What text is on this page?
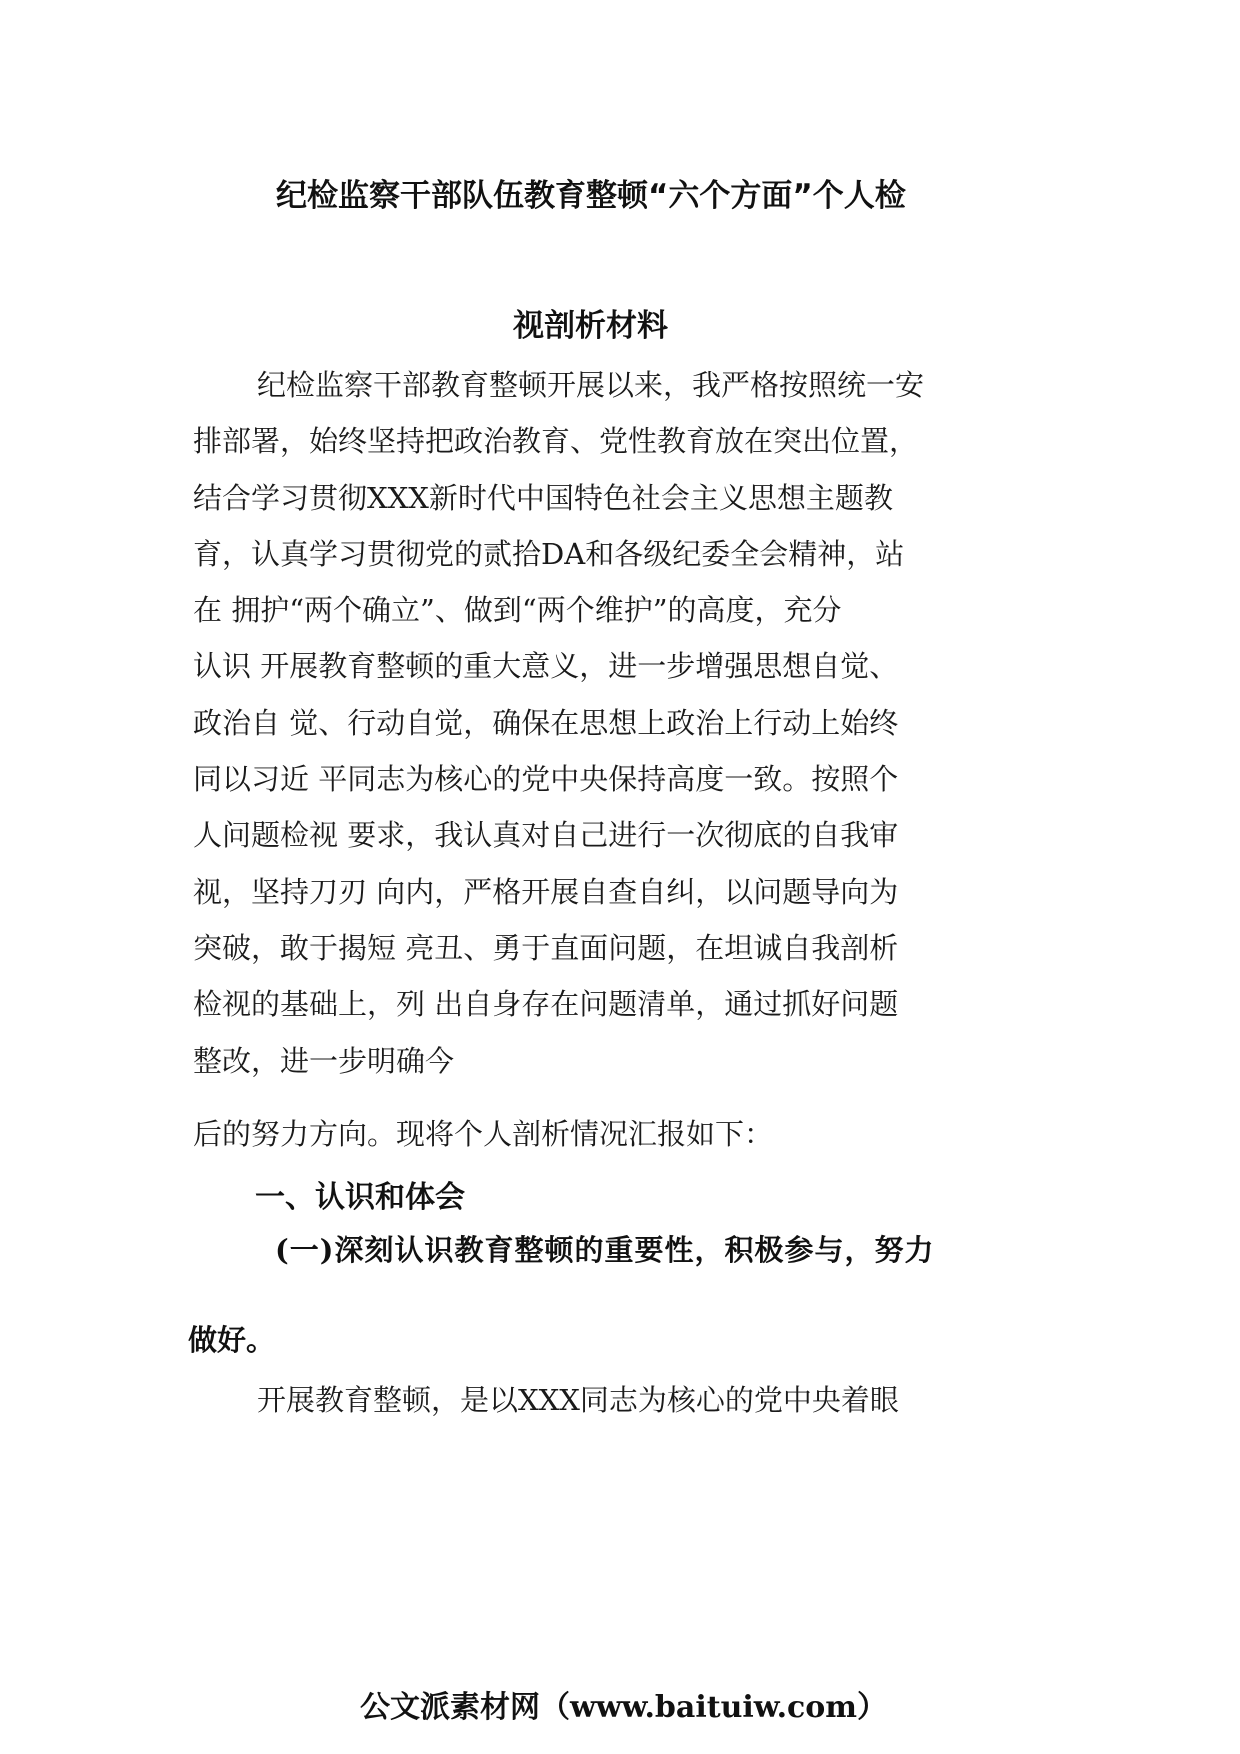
纪检监察干部队伍教育整顿“六个方面”个人检
视剖析材料
纪检监察干部教育整顿开展以来，我严格按照统一安
排部署，始终坚持把政治教育、党性教育放在突出位置，
结合学习贯彻XXX新时代中国特色社会主义思想主题教
育，认真学习贯彻党的贰拾DA和各级纪委全会精神，站
在 拥护“两个确立”、做到“两个维护”的高度，充分
认识 开展教育整顿的重大意义，进一步增强思想自觉、
政治自 觉、行动自觉，确保在思想上政治上行动上始终
同以习近 平同志为核心的党中央保持高度一致。按照个
人问题检视 要求，我认真对自己进行一次彻底的自我审
视，坚持刀刃 向内，严格开展自查自纠，以问题导向为
突破，敢于揭短 亮丑、勇于直面问题，在坦诚自我剖析
检视的基础上，列 出自身存在问题清单，通过抓好问题
整改，进一步明确今
后的努力方向。现将个人剖析情况汇报如下：
一、认识和体会
(一)深刻认识教育整顿的重要性，积极参与，努力
做好。
开展教育整顿，是以XXX同志为核心的党中央着眼
公文派素材网（www.baituiw.com）
